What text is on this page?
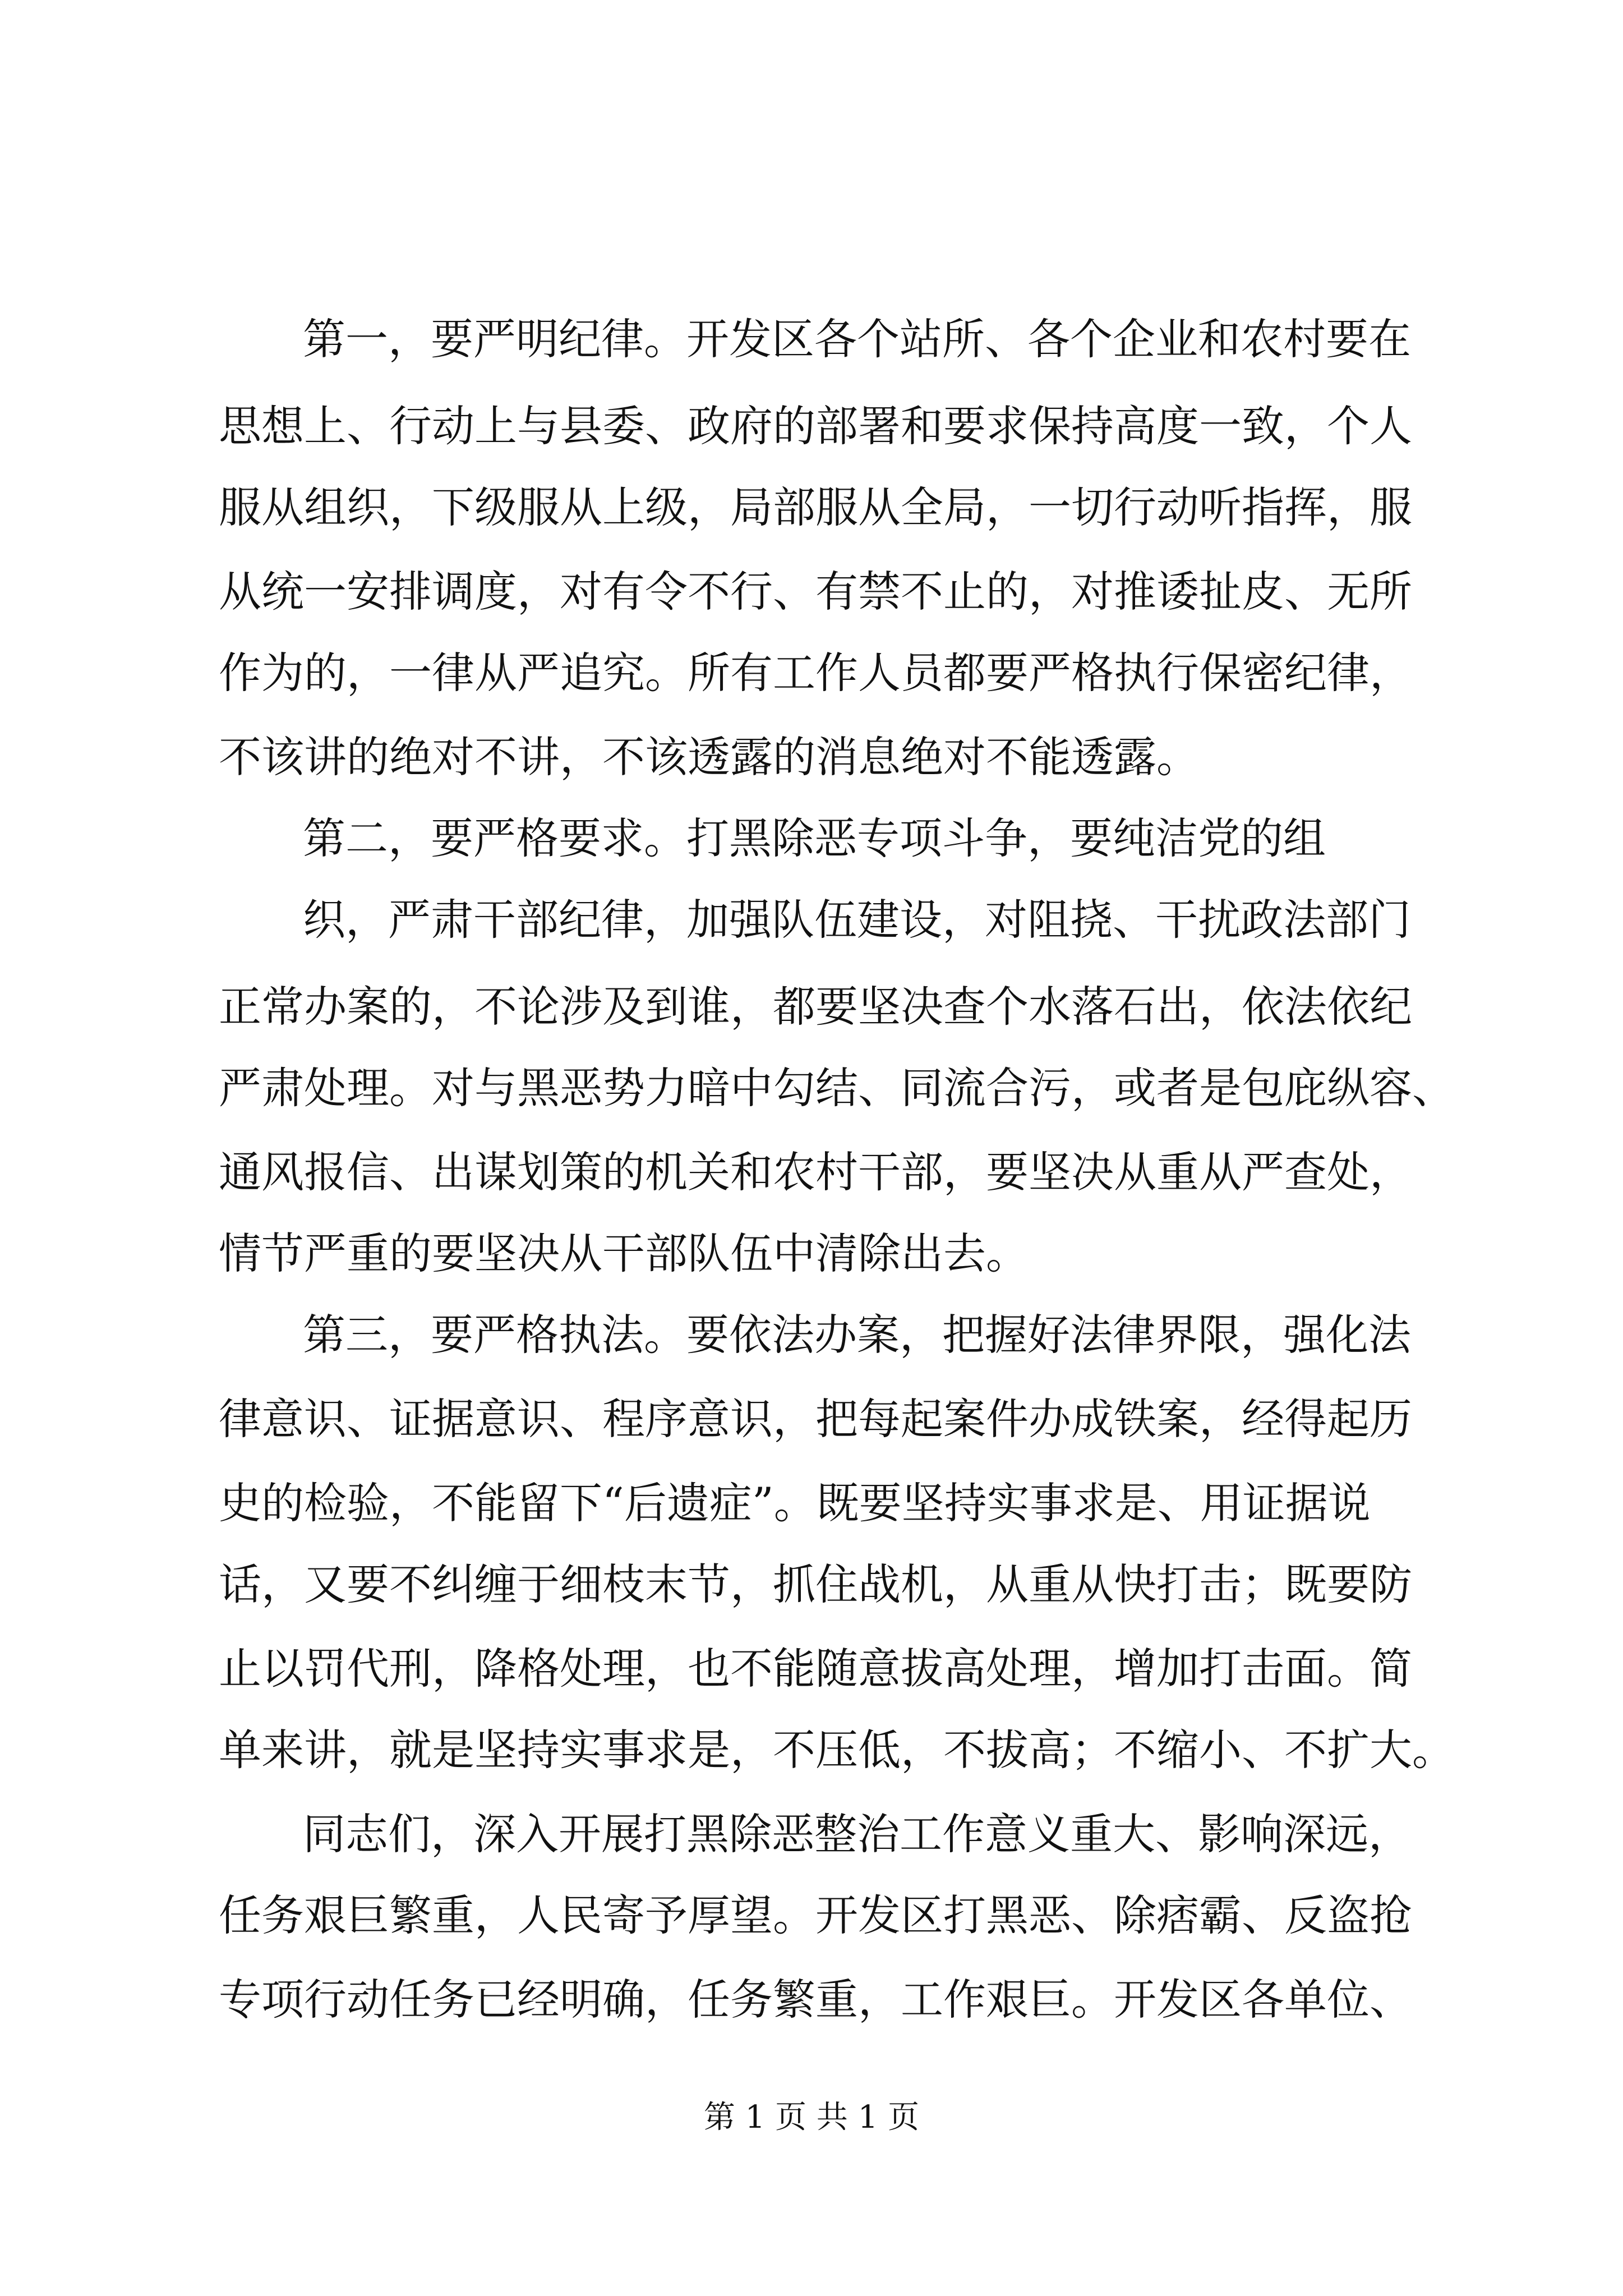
第一，要严明纪律。开发区各个站所、各个企业和农村要在
思想上、行动上与县委、政府的部署和要求保持高度一致，个人
服从组织，下级服从上级，局部服从全局，一切行动听指挥，服
从统一安排调度，对有令不行、有禁不止的，对推诿扯皮、无所
作为的，一律从严追究。所有工作人员都要严格执行保密纪律，
不该讲的绝对不讲，不该透露的消息绝对不能透露。
第二，要严格要求。打黑除恶专项斗争，要纯洁党的组
织，严肃干部纪律，加强队伍建设，对阻挠、干扰政法部门
正常办案的，不论涉及到谁，都要坚决查个水落石出，依法依纪
严肃处理。对与黑恶势力暗中勾结、同流合污，或者是包庇纵容、
通风报信、出谋划策的机关和农村干部，要坚决从重从严查处，
情节严重的要坚决从干部队伍中清除出去。
第三，要严格执法。要依法办案，把握好法律界限，强化法
律意识、证据意识、程序意识，把每起案件办成铁案，经得起历
史的检验，不能留下“后遗症”。既要坚持实事求是、用证据说
话，又要不纠缠于细枝末节，抓住战机，从重从快打击；既要防
止以罚代刑，降格处理，也不能随意拔高处理，增加打击面。简
单来讲，就是坚持实事求是，不压低，不拔高；不缩小、不扩大。
同志们，深入开展打黑除恶整治工作意义重大、影响深远，
任务艰巨繁重，人民寄予厚望。开发区打黑恶、除痞霸、反盗抢
专项行动任务已经明确，任务繁重，工作艰巨。开发区各单位、
第 1 页 共 1 页
